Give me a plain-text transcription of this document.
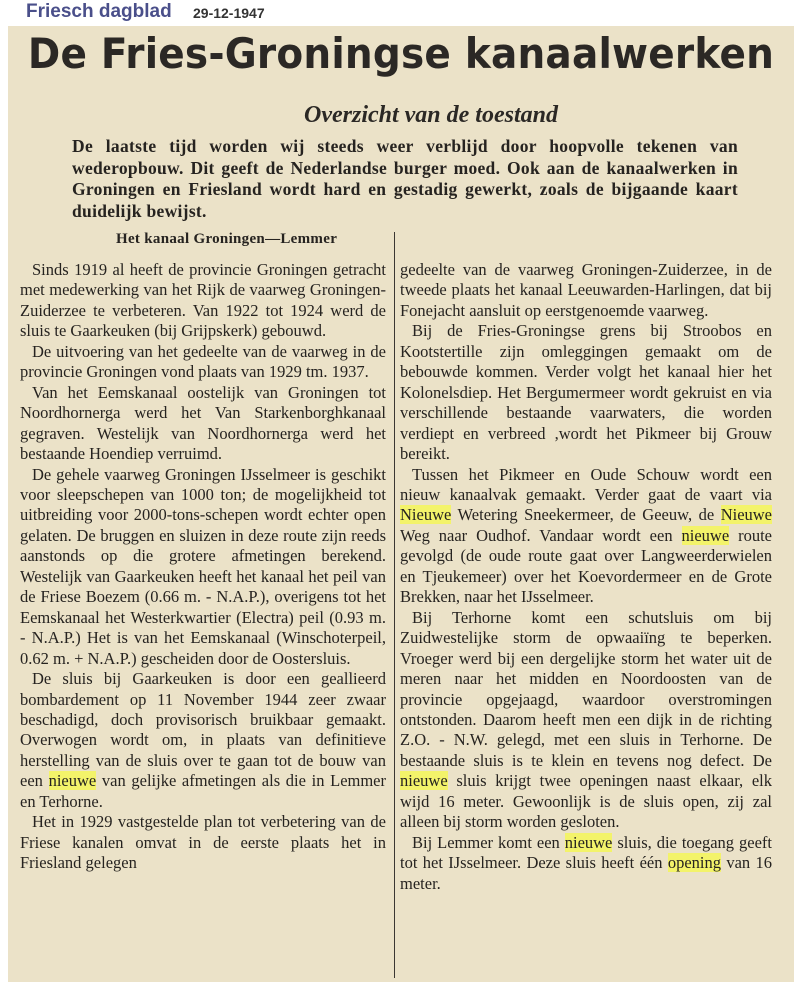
Friesch dagblad 29-12-1947
De Fries-Groningse kanaalwerken
Overzicht van de toestand
De laatste tijd worden wij steeds weer verblijd door hoopvolle tekenen van wederopbouw. Dit geeft de Nederlandse burger moed. Ook aan de kanaalwerken in Groningen en Friesland wordt hard en gestadig gewerkt, zoals de bijgaande kaart duidelijk bewijst.
Het kanaal Groningen—Lemmer

Sinds 1919 al heeft de provincie Groningen getracht met medewerking van het Rijk de vaarweg Groningen-Zuiderzee te verbeteren. Van 1922 tot 1924 werd de sluis te Gaarkeuken (bij Grijpskerk) gebouwd.

De uitvoering van het gedeelte van de vaarweg in de provincie Groningen vond plaats van 1929 tm. 1937.

Van het Eemskanaal oostelijk van Groningen tot Noordhornerga werd het Van Starkenborghkanaal gegraven. Westelijk van Noordhornerga werd het bestaande Hoendiep verruimd.

De gehele vaarweg Groningen IJsselmeer is geschikt voor sleepschepen van 1000 ton; de mogelijkheid tot uitbreiding voor 2000-tons-schepen wordt echter open gelaten. De bruggen en sluizen in deze route zijn reeds aanstonds op die grotere afmetingen berekend. Westelijk van Gaarkeuken heeft het kanaal het peil van de Friese Boezem (0.66 m. - N.A.P.), overigens tot het Eemskanaal het Westerkwartier (Electra) peil (0.93 m. - N.A.P.) Het is van het Eemskanaal (Winschoterpeil, 0.62 m. + N.A.P.) gescheiden door de Oostersluis.

De sluis bij Gaarkeuken is door een geallieerd bombardement op 11 November 1944 zeer zwaar beschadigd, doch provisorisch bruikbaar gemaakt. Overwogen wordt om, in plaats van definitieve herstelling van de sluis over te gaan tot de bouw van een nieuwe van gelijke afmetingen als die in Lemmer en Terhorne.

Het in 1929 vastgestelde plan tot verbetering van de Friese kanalen omvat in de eerste plaats het in Friesland gelegen

gedeelte van de vaarweg Groningen-Zuiderzee, in de tweede plaats het kanaal Leeuwarden-Harlingen, dat bij Fonejacht aansluit op eerstgenoemde vaarweg.

Bij de Fries-Groningse grens bij Stroobos en Kootstertille zijn omleggingen gemaakt om de bebouwde kommen. Verder volgt het kanaal hier het Kolonelsdiep. Het Bergumermeer wordt gekruist en via verschillende bestaande vaarwaters, die worden verdiept en verbreed ,wordt het Pikmeer bij Grouw bereikt.

Tussen het Pikmeer en Oude Schouw wordt een nieuw kanaalvak gemaakt. Verder gaat de vaart via Nieuwe Wetering Sneekermeer, de Geeuw, de Nieuwe Weg naar Oudhof. Vandaar wordt een nieuwe route gevolgd (de oude route gaat over Langweerderwielen en Tjeukemeer) over het Koevordermeer en de Grote Brekken, naar het IJsselmeer.

Bij Terhorne komt een schutsluis om bij Zuidwestelijke storm de opwaaiïng te beperken. Vroeger werd bij een dergelijke storm het water uit de meren naar het midden en Noordoosten van de provincie opgejaagd, waardoor overstromingen ontstonden. Daarom heeft men een dijk in de richting Z.O. - N.W. gelegd, met een sluis in Terhorne. De bestaande sluis is te klein en tevens nog defect. De nieuwe sluis krijgt twee openingen naast elkaar, elk wijd 16 meter. Gewoonlijk is de sluis open, zij zal alleen bij storm worden gesloten.

Bij Lemmer komt een nieuwe sluis, die toegang geeft tot het IJsselmeer. Deze sluis heeft één opening van 16 meter.
